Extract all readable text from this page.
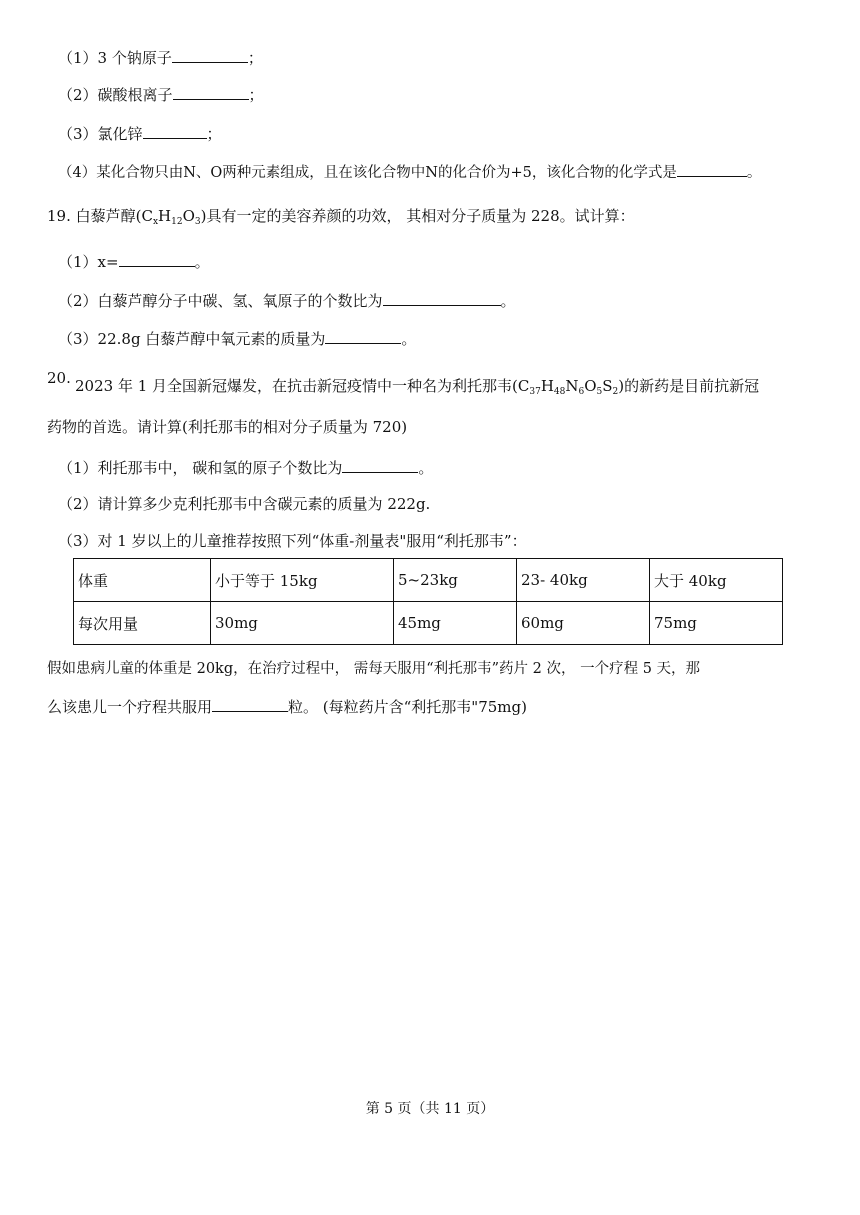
（1）3 个钠原子	；
（2）碳酸根离子	；
（3）氯化锌	；
（4）某化合物只由N、O两种元素组成，且在该化合物中N的化合价为+5，该化合物的化学式是	。
19. 白藜芦醇$(C_xH_{12}O_3)$具有一定的美容养颜的功效， 其相对分子质量为 228。试计算：
（1）x=	。
（2）白藜芦醇分子中碳、氢、氧原子的个数比为	。
（3）22.8g 白藜芦醇中氧元素的质量为	。
20. 2023 年 1 月全国新冠爆发，在抗击新冠疫情中一种名为利托那韦$(C_{37}H_{48}N_6O_5S_2)$的新药是目前抗新冠
药物的首选。请计算(利托那韦的相对分子质量为 720)
（1）利托那韦中， 碳和氢的原子个数比为	。
（2）请计算多少克利托那韦中含碳元素的质量为 222g.
（3）对 1 岁以上的儿童推荐按照下列“体重-剂量表"服用“利托那韦”：
体重	小于等于 15kg	5~23kg	23- 40kg	大于 40kg
每次用量	30mg	45mg	60mg	75mg
假如患病儿童的体重是 20kg，在治疗过程中， 需每天服用“利托那韦”药片 2 次， 一个疗程 5 天，那
么该患儿一个疗程共服用	粒。 (每粒药片含“利托那韦"75mg)
第 5 页（共 11 页）
